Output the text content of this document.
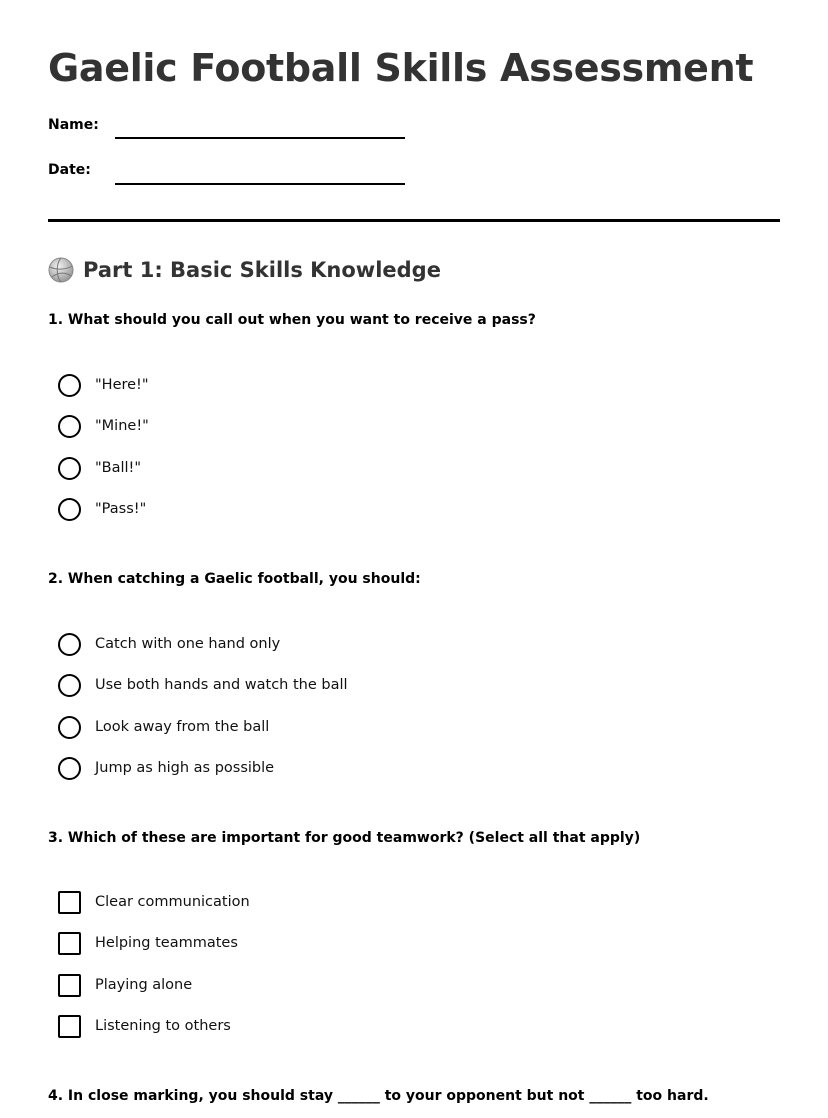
Gaelic Football Skills Assessment
Name:
Date:
Part 1: Basic Skills Knowledge

1. What should you call out when you want to receive a pass?

"Here!"
"Mine!"
"Ball!"
"Pass!"

2. When catching a Gaelic football, you should:

Catch with one hand only
Use both hands and watch the ball
Look away from the ball
Jump as high as possible

3. Which of these are important for good teamwork? (Select all that apply)

Clear communication
Helping teammates
Playing alone
Listening to others

4. In close marking, you should stay ______ to your opponent but not ______ too hard.
